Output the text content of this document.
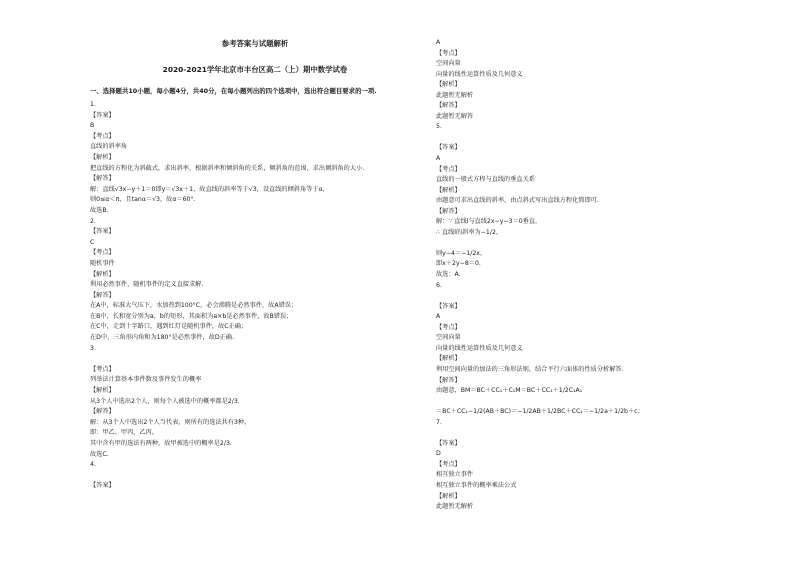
参考答案与试题解析
2020-2021学年北京市丰台区高二（上）期中数学试卷
一、选择题共10小题，每小题4分，共40分，在每小题列出的四个选项中，选出符合题目要求的一项.
1.
【答案】
B
【考点】
直线的斜率角
【解析】
把直线的方程化为斜截式，求出斜率，根据斜率和倾斜角的关系，倾斜角的范围，求出倾斜角的大小.
【解答】
解：直线√3x−y＋1＝0即y＝√3x＋1，故直线的斜率等于√3，设直线的倾斜角等于α，
则0≤α＜π，且tanα＝√3，故α＝60°.
故选B.
2.
【答案】
C
【考点】
随机事件
【解析】
利用必然事件、随机事件的定义直接求解.
【解答】
在A中，标准大气压下，水加热到100°C，必会沸腾是必然事件，故A错误；
在B中，长和宽分别为a，b的矩形，其面积为a×b是必然事件，故B错误；
在C中，走到十字路口，遇到红灯是随机事件，故C正确；
在D中，三角形内角和为180°是必然事件，故D正确.
3.
【考点】
列举法计算基本事件数及事件发生的概率
【解析】
从3个人中选出2个人，则每个人被选中的概率都是2/3.
【解答】
解：从3个人中选出2个人当代表，则所有的选法共有3种，
即：甲乙、甲丙、乙丙，
其中含有甲的选法有两种，故甲被选中的概率是2/3.
故选C.
4.
【答案】
A
【考点】
空间向量
向量的线性运算性质及几何意义
【解析】
此题暂无解析
【解答】
此题暂无解答
5.
【答案】
A
【考点】
直线的一般式方程与直线的垂直关系
【解析】
由题意可求出直线的斜率，由点斜式写出直线方程化简即可.
【解答】
解：∵ 直线l与直线2x−y−3＝0垂直，
∴ 直线l的斜率为−1/2，
则y−4＝−1/2x，
即x＋2y−8＝0.
故选：A.
6.
【答案】
A
【考点】
空间向量
向量的线性运算性质及几何意义
【解析】
利用空间向量的加法的三角形法则，结合平行六面体的性质分析解答.
【解答】
由题意，BM＝BC＋CC₁＋C₁M＝BC＋CC₁＋1/2C₁A₁
＝BC＋CC₁−1/2(AB＋BC)＝−1/2AB＋1/2BC＋CC₁＝−1/2a＋1/2b＋c；
7.
【答案】
D
【考点】
相互独立事件
相互独立事件的概率乘法公式
【解析】
此题暂无解析
